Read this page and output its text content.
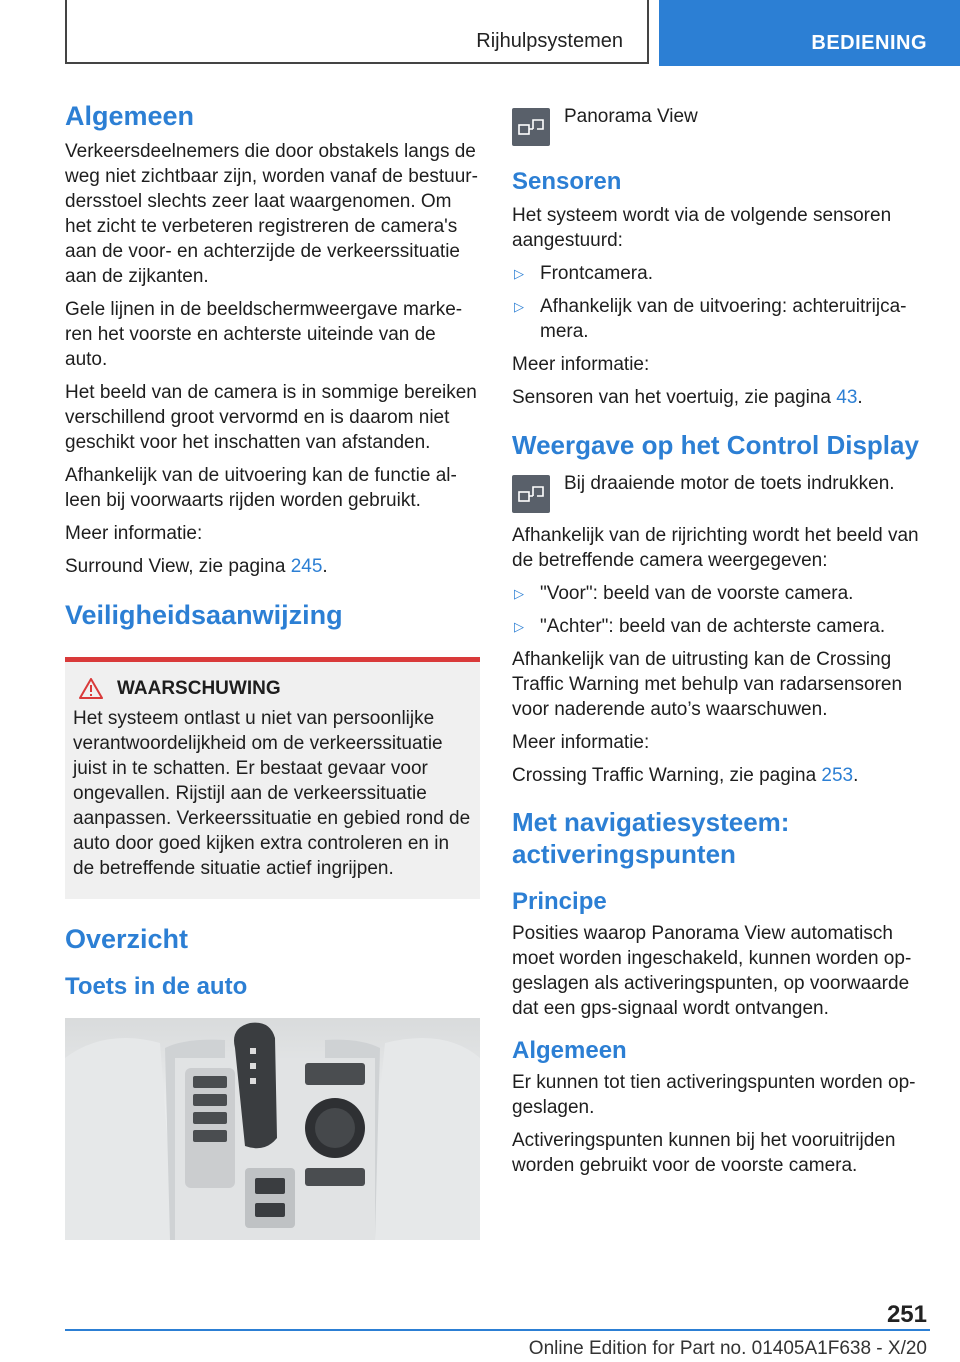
Rijhulpsystemen	BEDIENING
Algemeen

Verkeersdeelnemers die door obstakels langs de weg niet zichtbaar zijn, worden vanaf de bestuurdersstoel slechts zeer laat waargenomen. Om het zicht te verbeteren registreren de camera's aan de voor- en achterzijde de verkeerssituatie aan de zijkanten.

Gele lijnen in de beeldschermweergave markeren het voorste en achterste uiteinde van de auto.

Het beeld van de camera is in sommige bereiken verschillend groot vervormd en is daarom niet geschikt voor het inschatten van afstanden.

Afhankelijk van de uitvoering kan de functie alleen bij voorwaarts rijden worden gebruikt.

Meer informatie:

Surround View, zie pagina 245.

Veiligheidsaanwijzing
WAARSCHUWING

Het systeem ontlast u niet van persoonlijke verantwoordelijkheid om de verkeerssituatie juist in te schatten. Er bestaat gevaar voor ongevallen. Rijstijl aan de verkeerssituatie aanpassen. Verkeerssituatie en gebied rond de auto door goed kijken extra controleren en in de betreffende situatie actief ingrijpen.

Overzicht
Toets in de auto

Panorama View

Sensoren

Het systeem wordt via de volgende sensoren aangestuurd:

▷ Frontcamera.
▷ Afhankelijk van de uitvoering: achteruitrijcamera.

Meer informatie:

Sensoren van het voertuig, zie pagina 43.

Weergave op het Control Display

Bij draaiende motor de toets indrukken.

Afhankelijk van de rijrichting wordt het beeld van de betreffende camera weergegeven:

▷ "Voor": beeld van de voorste camera.
▷ "Achter": beeld van de achterste camera.

Afhankelijk van de uitrusting kan de Crossing Traffic Warning met behulp van radarsensoren voor naderende auto’s waarschuwen.

Meer informatie:

Crossing Traffic Warning, zie pagina 253.

Met navigatiesysteem: activeringspunten
Principe

Posities waarop Panorama View automatisch moet worden ingeschakeld, kunnen worden opgeslagen als activeringspunten, op voorwaarde dat een gps-signaal wordt ontvangen.

Algemeen

Er kunnen tot tien activeringspunten worden opgeslagen.

Activeringspunten kunnen bij het vooruitrijden worden gebruikt voor de voorste camera.

251
Online Edition for Part no. 01405A1F638 - X/20
